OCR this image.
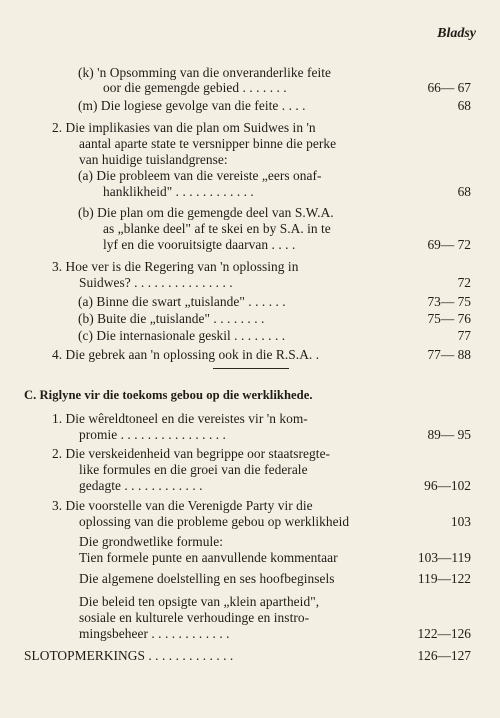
Bladsy
(k) 'n Opsomming van die onveranderlike feite
oor die gemengde gebied . . . . . . .	66— 67
(m) Die logiese gevolge van die feite . . . .	68
2. Die implikasies van die plan om Suidwes in 'n
aantal aparte state te versnipper binne die perke
van huidige tuislandgrense:
(a) Die probleem van die vereiste „eers onaf-
hanklikheid" . . . . . . . . . . . .	68
(b) Die plan om die gemengde deel van S.W.A.
as „blanke deel" af te skei en by S.A. in te
lyf en die vooruitsigte daarvan . . . .	69— 72
3. Hoe ver is die Regering van 'n oplossing in
Suidwes? . . . . . . . . . . . . . . .	72
(a) Binne die swart „tuislande" . . . . . .	73— 75
(b) Buite die „tuislande" . . . . . . . .	75— 76
(c) Die internasionale geskil . . . . . . . .	77
4. Die gebrek aan 'n oplossing ook in die R.S.A. .	77— 88
C. Riglyne vir die toekoms gebou op die werklikhede.
1. Die wêreldtoneel en die vereistes vir 'n kom-
promie . . . . . . . . . . . . . . . .	89— 95
2. Die verskeidenheid van begrippe oor staatsregte-
like formules en die groei van die federale
gedagte . . . . . . . . . . . .	96—102
3. Die voorstelle van die Verenigde Party vir die
oplossing van die probleme gebou op werklikheid	103
Die grondwetlike formule:
Tien formele punte en aanvullende kommentaar	103—119
Die algemene doelstelling en ses hoofbeginsels	119—122
Die beleid ten opsigte van „klein apartheid",
sosiale en kulturele verhoudinge en instro-
mingsbeheer . . . . . . . . . . . .	122—126
SLOTOPMERKINGS . . . . . . . . . . . . .	126—127
